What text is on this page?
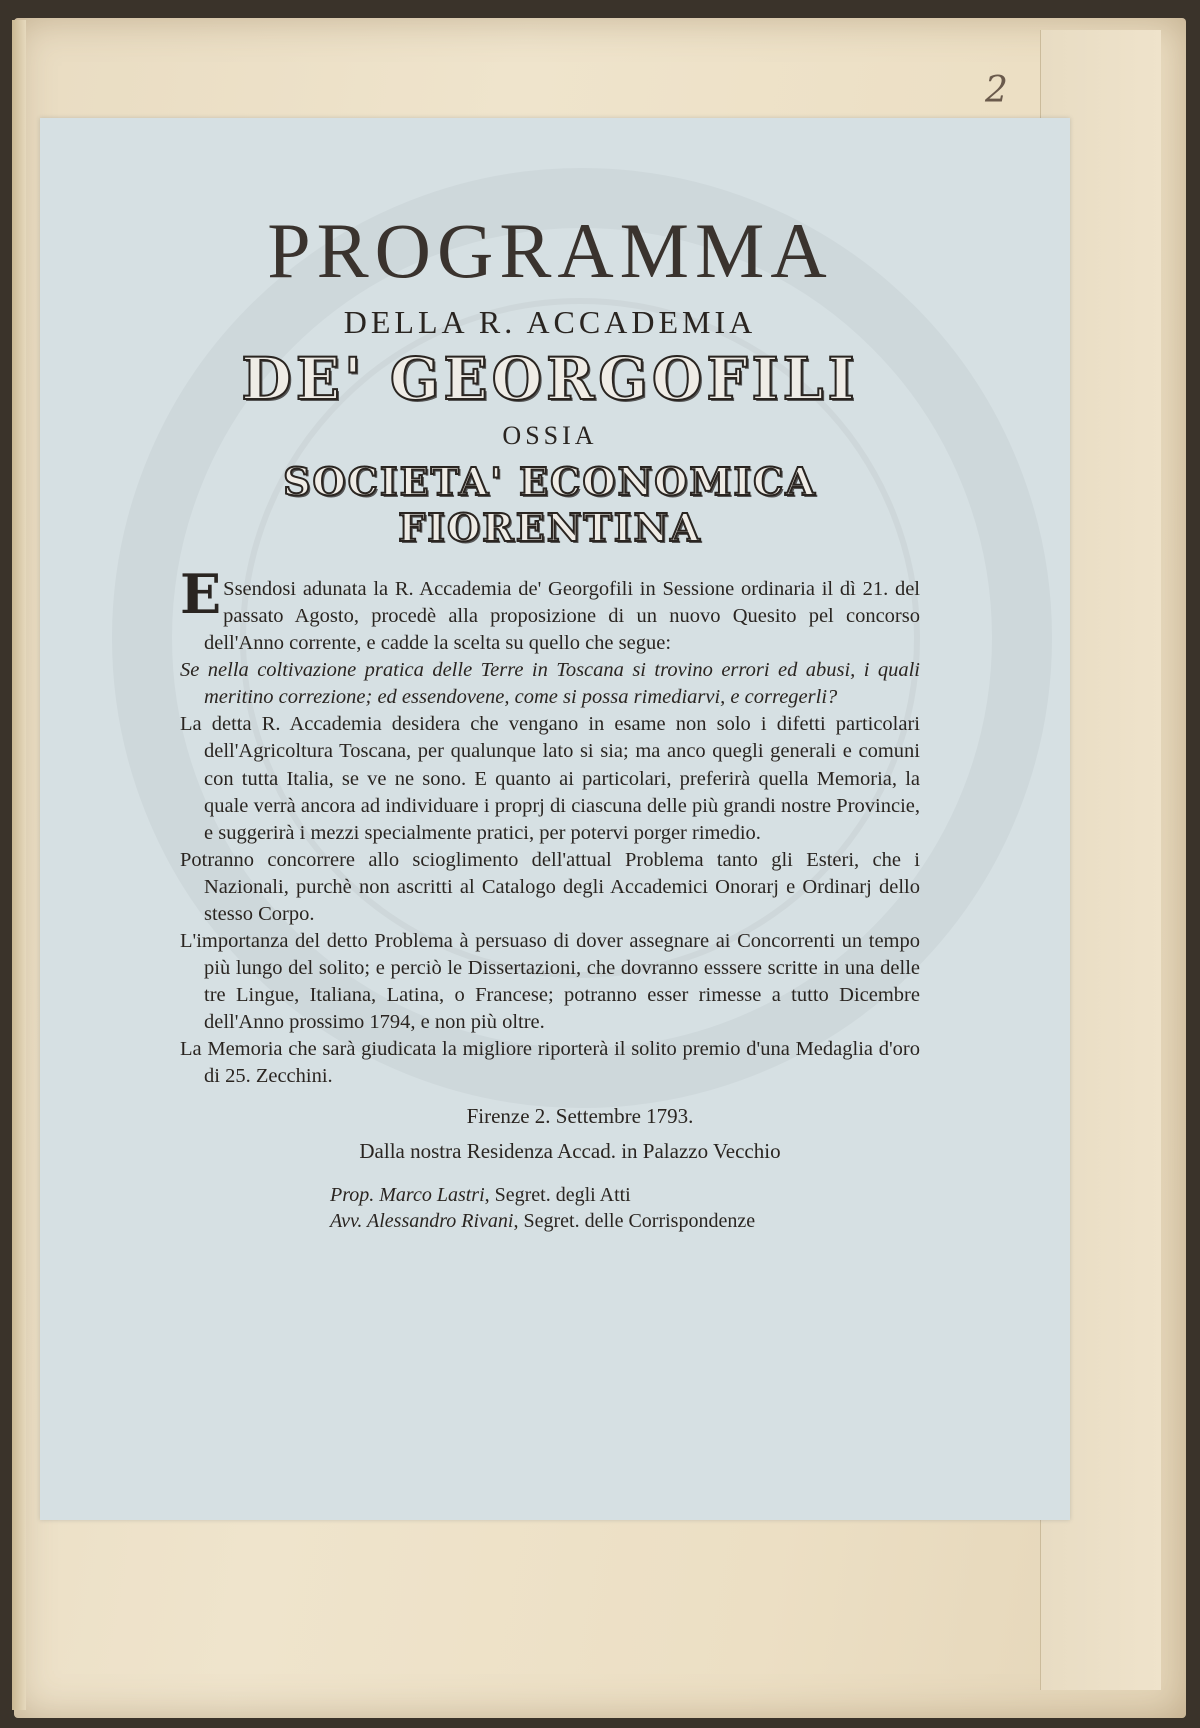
2
PROGRAMMA
DELLA R. ACCADEMIA
DE' GEORGOFILI
OSSIA
SOCIETA' ECONOMICA
FIORENTINA

E Ssendosi adunata la R. Accademia de' Georgofili in Sessione ordinaria il dì 21. del passato Agosto, procedè alla proposizione di un nuovo Quesito pel concorso dell'Anno corrente, e cadde la scelta su quello che segue:

Se nella coltivazione pratica delle Terre in Toscana si trovino errori ed abusi, i quali meritino correzione; ed essendovene, come si possa rimediarvi, e corregerli?

La detta R. Accademia desidera che vengano in esame non solo i difetti particolari dell'Agricoltura Toscana, per qualunque lato si sia; ma anco quegli generali e comuni con tutta Italia, se ve ne sono. E quanto ai particolari, preferirà quella Memoria, la quale verrà ancora ad individuare i proprj di ciascuna delle più grandi nostre Provincie, e suggerirà i mezzi specialmente pratici, per potervi porger rimedio.

Potranno concorrere allo scioglimento dell'attual Problema tanto gli Esteri, che i Nazionali, purchè non ascritti al Catalogo degli Accademici Onorarj e Ordinarj dello stesso Corpo.

L'importanza del detto Problema à persuaso di dover assegnare ai Concorrenti un tempo più lungo del solito; e perciò le Dissertazioni, che dovranno esssere scritte in una delle tre Lingue, Italiana, Latina, o Francese; potranno esser rimesse a tutto Dicembre dell'Anno prossimo 1794, e non più oltre.

La Memoria che sarà giudicata la migliore riporterà il solito premio d'una Medaglia d'oro di 25. Zecchini.

Firenze 2. Settembre 1793.
Dalla nostra Residenza Accad. in Palazzo Vecchio
Prop. Marco Lastri, Segret. degli Atti
Avv. Alessandro Rivani, Segret. delle Corrispondenze
